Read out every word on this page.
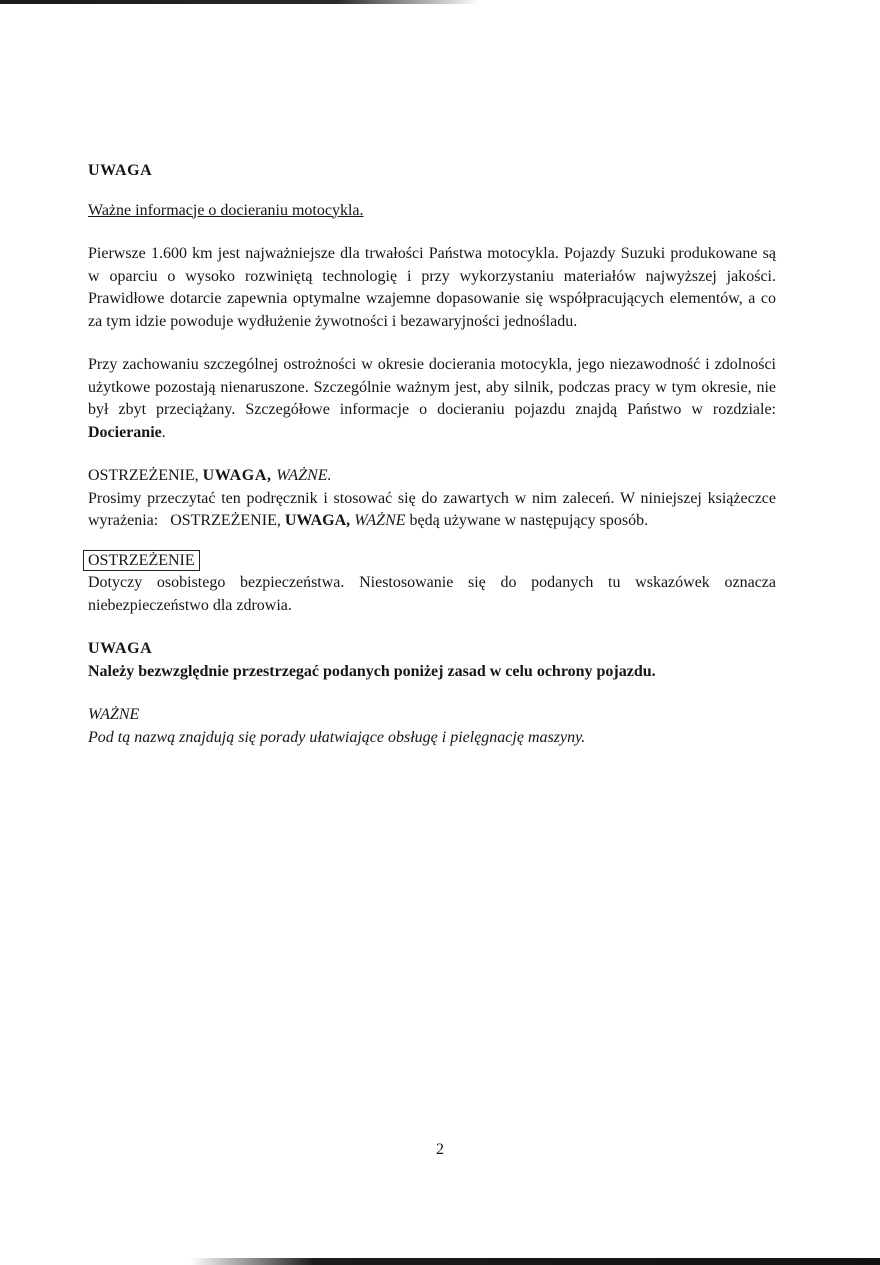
UWAGA

Ważne informacje o docieraniu motocykla.

Pierwsze 1.600 km jest najważniejsze dla trwałości Państwa motocykla. Pojazdy Suzuki produkowane są w oparciu o wysoko rozwiniętą technologię i przy wykorzystaniu materiałów najwyższej jakości. Prawidłowe dotarcie zapewnia optymalne wzajemne dopasowanie się współpracujących elementów, a co za tym idzie powoduje wydłużenie żywotności i bezawaryjności jednośladu.

Przy zachowaniu szczególnej ostrożności w okresie docierania motocykla, jego niezawodność i zdolności użytkowe pozostają nienaruszone. Szczególnie ważnym jest, aby silnik, podczas pracy w tym okresie, nie był zbyt przeciążany. Szczegółowe informacje o docieraniu pojazdu znajdą Państwo w rozdziale: Docieranie.

OSTRZEŻENIE, UWAGA, WAŻNE.

Prosimy przeczytać ten podręcznik i stosować się do zawartych w nim zaleceń. W niniejszej książeczce wyrażenia:   OSTRZEŻENIE, UWAGA, WAŻNE będą używane w następujący sposób.

OSTRZEŻENIE

Dotyczy osobistego bezpieczeństwa. Niestosowanie się do podanych tu wskazówek oznacza niebezpieczeństwo dla zdrowia.

UWAGA

Należy bezwzględnie przestrzegać podanych poniżej zasad w celu ochrony pojazdu.

WAŻNE

Pod tą nazwą znajdują się porady ułatwiające obsługę i pielęgnację maszyny.

2
